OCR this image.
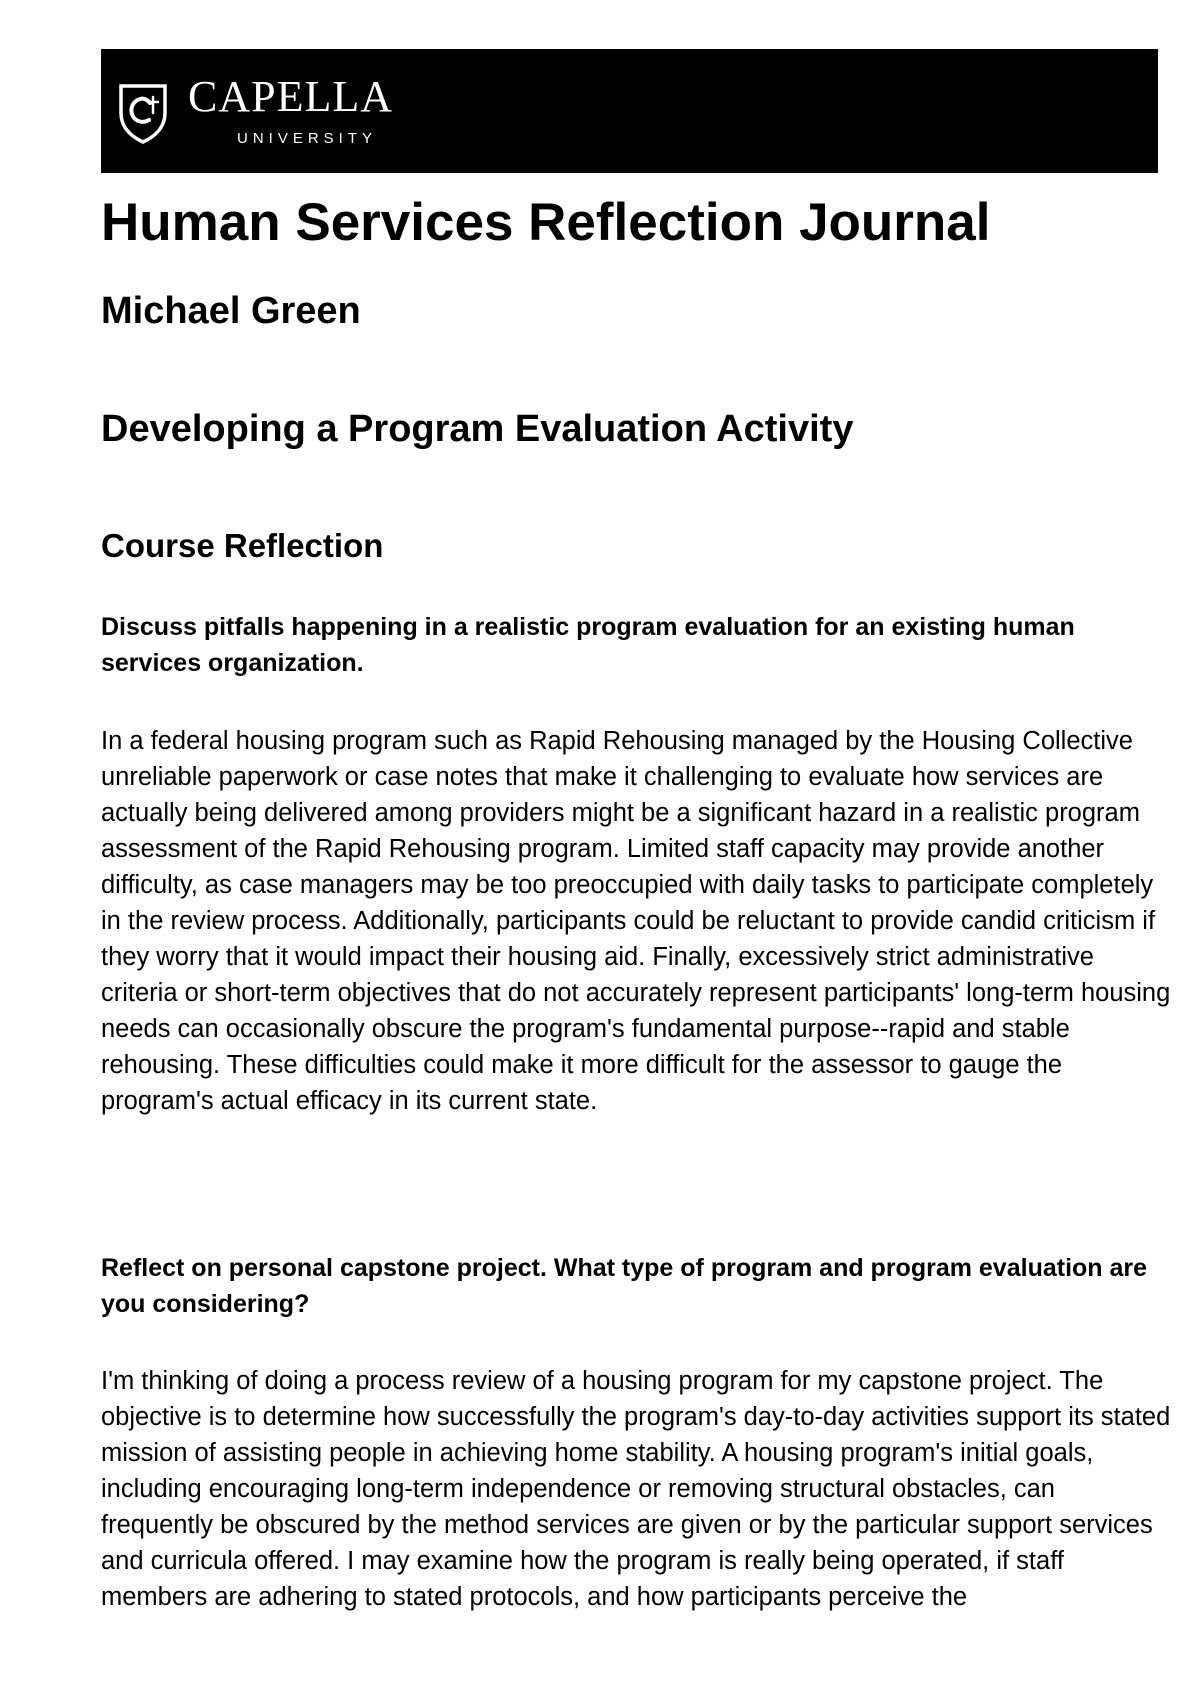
CAPELLA
UNIVERSITY
Human Services Reflection Journal
Michael Green
Developing a Program Evaluation Activity
Course Reflection

Discuss pitfalls happening in a realistic program evaluation for an existing human services organization.

In a federal housing program such as Rapid Rehousing managed by the Housing Collective unreliable paperwork or case notes that make it challenging to evaluate how services are actually being delivered among providers might be a significant hazard in a realistic program assessment of the Rapid Rehousing program. Limited staff capacity may provide another difficulty, as case managers may be too preoccupied with daily tasks to participate completely in the review process. Additionally, participants could be reluctant to provide candid criticism if they worry that it would impact their housing aid. Finally, excessively strict administrative criteria or short-term objectives that do not accurately represent participants' long-term housing needs can occasionally obscure the program's fundamental purpose--rapid and stable rehousing. These difficulties could make it more difficult for the assessor to gauge the program's actual efficacy in its current state.

Reflect on personal capstone project. What type of program and program evaluation are you considering?

I'm thinking of doing a process review of a housing program for my capstone project. The objective is to determine how successfully the program's day-to-day activities support its stated mission of assisting people in achieving home stability. A housing program's initial goals, including encouraging long-term independence or removing structural obstacles, can frequently be obscured by the method services are given or by the particular support services and curricula offered. I may examine how the program is really being operated, if staff members are adhering to stated protocols, and how participants perceive the
